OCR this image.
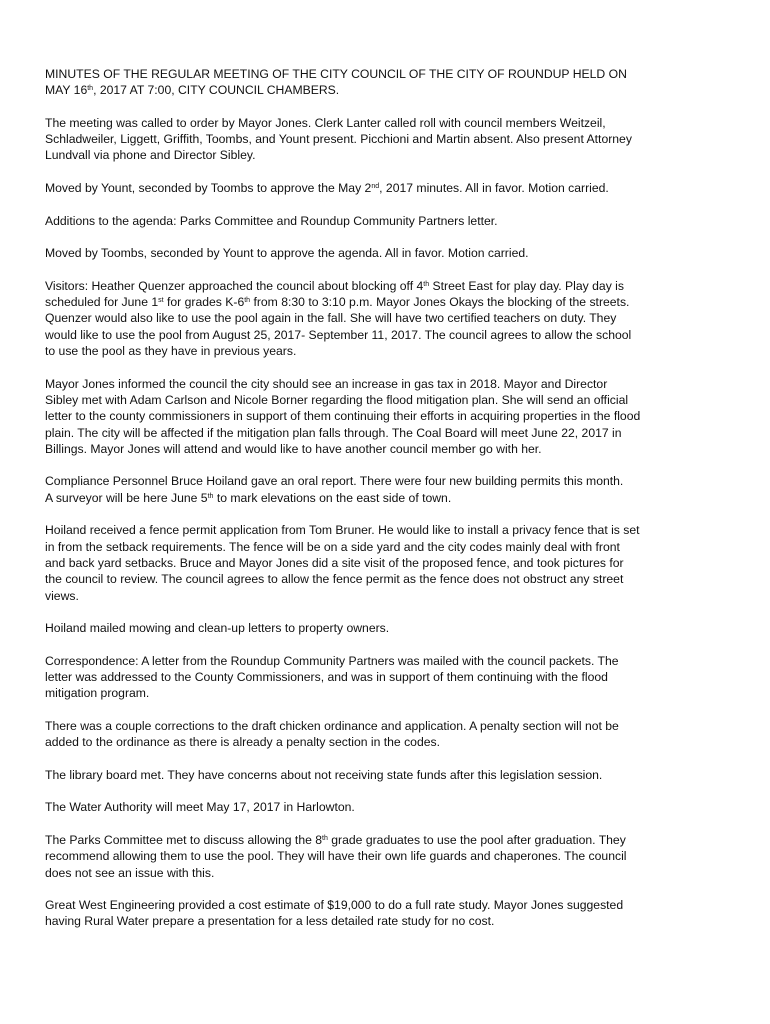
MINUTES OF THE REGULAR MEETING OF THE CITY COUNCIL OF THE CITY OF ROUNDUP HELD ON
MAY 16th, 2017 AT 7:00, CITY COUNCIL CHAMBERS.

The meeting was called to order by Mayor Jones. Clerk Lanter called roll with council members Weitzeil,
Schladweiler, Liggett, Griffith, Toombs, and Yount present. Picchioni and Martin absent. Also present Attorney
Lundvall via phone and Director Sibley.

Moved by Yount, seconded by Toombs to approve the May 2nd, 2017 minutes. All in favor. Motion carried.

Additions to the agenda: Parks Committee and Roundup Community Partners letter.

Moved by Toombs, seconded by Yount to approve the agenda. All in favor. Motion carried.

Visitors: Heather Quenzer approached the council about blocking off 4th Street East for play day. Play day is
scheduled for June 1st for grades K-6th from 8:30 to 3:10 p.m. Mayor Jones Okays the blocking of the streets.
Quenzer would also like to use the pool again in the fall. She will have two certified teachers on duty. They
would like to use the pool from August 25, 2017- September 11, 2017. The council agrees to allow the school
to use the pool as they have in previous years.

Mayor Jones informed the council the city should see an increase in gas tax in 2018. Mayor and Director
Sibley met with Adam Carlson and Nicole Borner regarding the flood mitigation plan. She will send an official
letter to the county commissioners in support of them continuing their efforts in acquiring properties in the flood
plain. The city will be affected if the mitigation plan falls through. The Coal Board will meet June 22, 2017 in
Billings. Mayor Jones will attend and would like to have another council member go with her.

Compliance Personnel Bruce Hoiland gave an oral report. There were four new building permits this month.
A surveyor will be here June 5th to mark elevations on the east side of town.

Hoiland received a fence permit application from Tom Bruner. He would like to install a privacy fence that is set
in from the setback requirements. The fence will be on a side yard and the city codes mainly deal with front
and back yard setbacks. Bruce and Mayor Jones did a site visit of the proposed fence, and took pictures for
the council to review. The council agrees to allow the fence permit as the fence does not obstruct any street
views.

Hoiland mailed mowing and clean-up letters to property owners.

Correspondence: A letter from the Roundup Community Partners was mailed with the council packets. The
letter was addressed to the County Commissioners, and was in support of them continuing with the flood
mitigation program.

There was a couple corrections to the draft chicken ordinance and application. A penalty section will not be
added to the ordinance as there is already a penalty section in the codes.

The library board met. They have concerns about not receiving state funds after this legislation session.

The Water Authority will meet May 17, 2017 in Harlowton.

The Parks Committee met to discuss allowing the 8th grade graduates to use the pool after graduation. They
recommend allowing them to use the pool. They will have their own life guards and chaperones. The council
does not see an issue with this.

Great West Engineering provided a cost estimate of $19,000 to do a full rate study. Mayor Jones suggested
having Rural Water prepare a presentation for a less detailed rate study for no cost.
